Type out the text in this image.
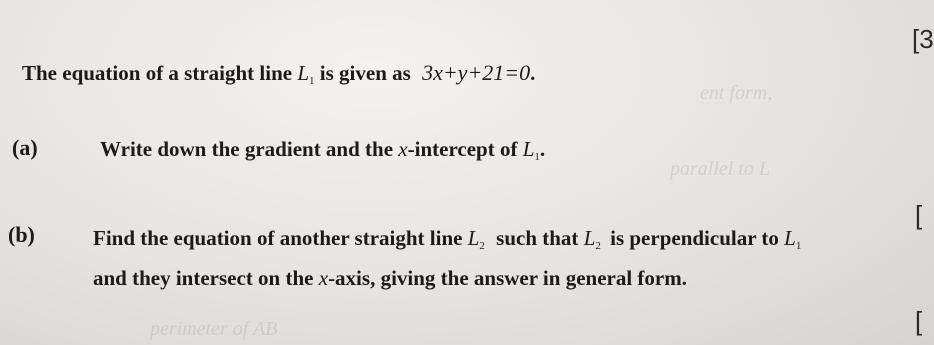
ent form,
parallel to L
perimeter of AB
[3
[
[
The equation of a straight line $L_1$ is given as 3x+y+21=0.
(a)	Write down the gradient and the x-intercept of $L_1$.
(b)	Find the equation of another straight line $L_2$ such that $L_2$ is perpendicular to $L_1$
and they intersect on the x-axis, giving the answer in general form.
